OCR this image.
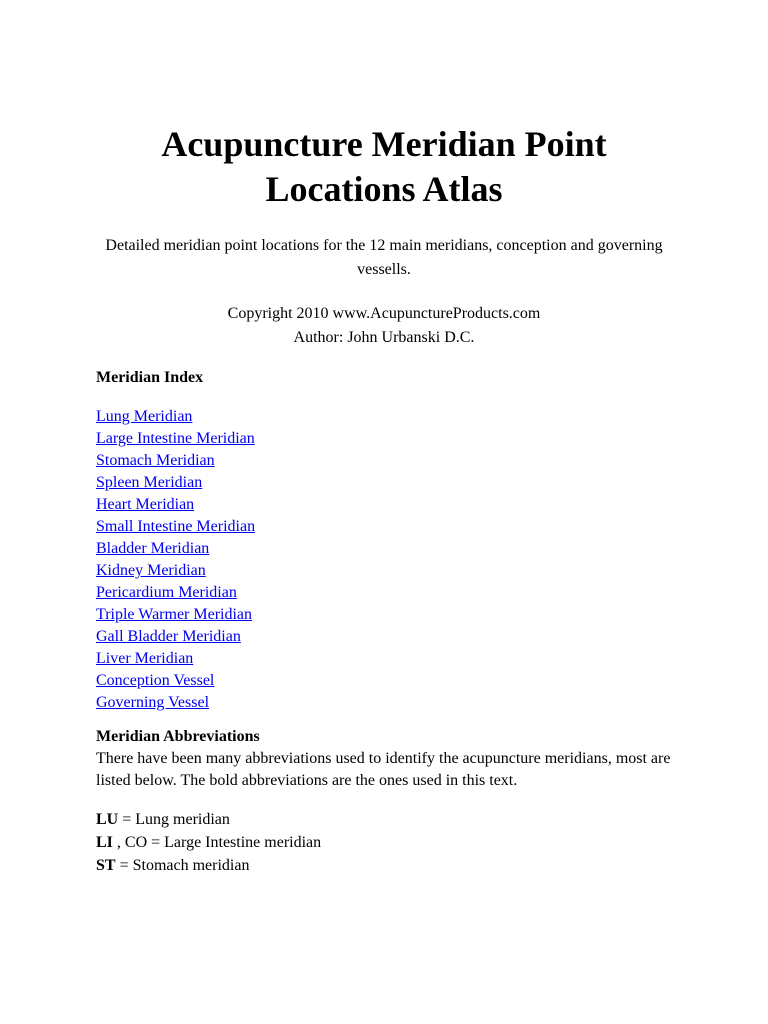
Acupuncture Meridian Point
Locations Atlas

Detailed meridian point locations for the 12 main meridians, conception and governing vessells.

Copyright 2010 www.AcupunctureProducts.com
Author: John Urbanski D.C.

Meridian Index

Lung Meridian
Large Intestine Meridian
Stomach Meridian
Spleen Meridian
Heart Meridian
Small Intestine Meridian
Bladder Meridian
Kidney Meridian
Pericardium Meridian
Triple Warmer Meridian
Gall Bladder Meridian
Liver Meridian
Conception Vessel
Governing Vessel

Meridian Abbreviations

There have been many abbreviations used to identify the acupuncture meridians, most are listed below. The bold abbreviations are the ones used in this text.

LU = Lung meridian
LI , CO = Large Intestine meridian
ST = Stomach meridian
